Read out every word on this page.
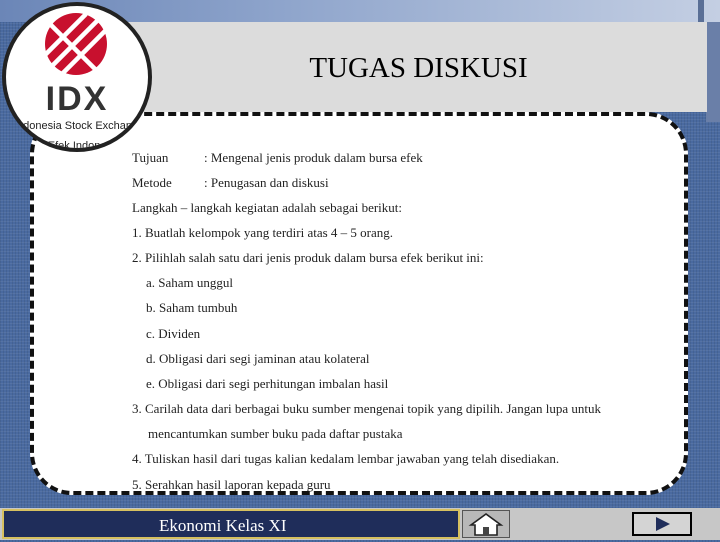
TUGAS DISKUSI
Tujuan	: Mengenal jenis produk dalam bursa efek
Metode : Penugasan dan diskusi
Langkah – langkah kegiatan adalah sebagai berikut:
1. Buatlah kelompok yang terdiri atas 4 – 5 orang.
2. Pilihlah salah satu dari jenis produk dalam bursa efek berikut ini:
a. Saham unggul
b. Saham tumbuh
c. Dividen
d. Obligasi dari segi jaminan atau kolateral
e. Obligasi dari segi perhitungan imbalan hasil
3. Carilah data dari berbagai buku sumber mengenai topik yang dipilih. Jangan lupa untuk
mencantumkan sumber buku pada daftar pustaka
4. Tuliskan hasil dari tugas kalian kedalam lembar jawaban yang telah disediakan.
5. Serahkan hasil laporan kepada guru
IDX
Indonesia Stock Exchange
Bursa Efek Indonesia
Ekonomi Kelas XI
